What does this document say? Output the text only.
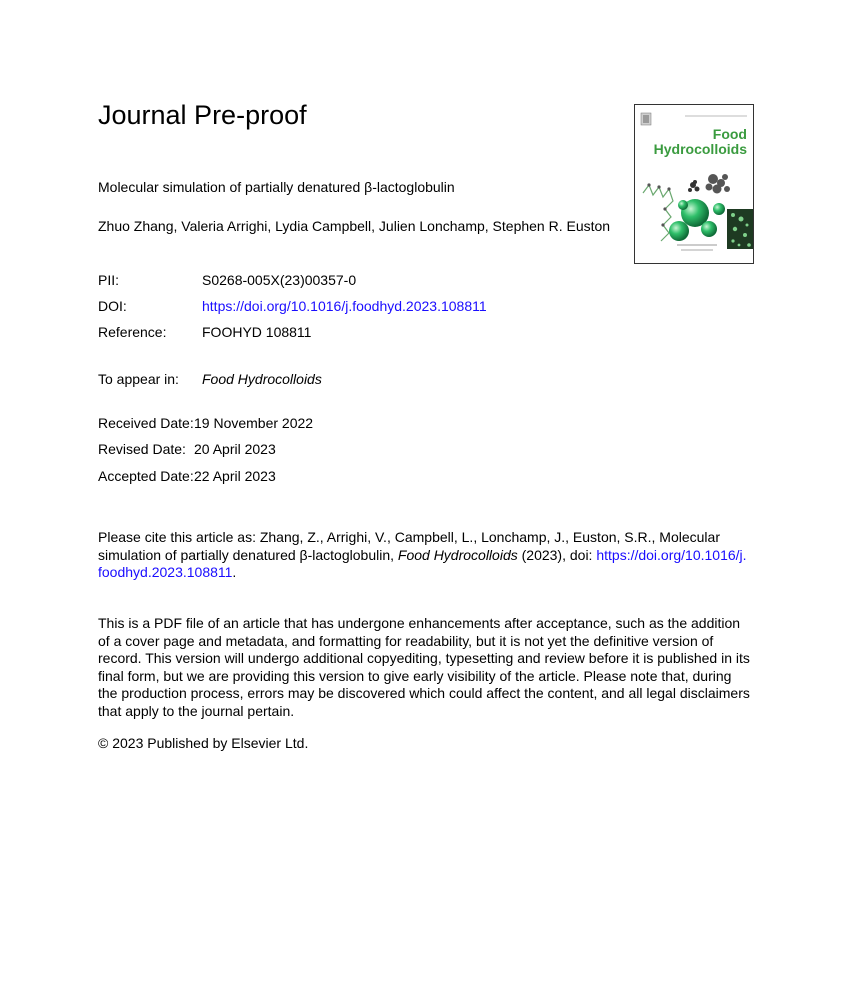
Journal Pre-proof
Food
Hydrocolloids
Molecular simulation of partially denatured β-lactoglobulin
Zhuo Zhang, Valeria Arrighi, Lydia Campbell, Julien Lonchamp, Stephen R. Euston
PII:	S0268-005X(23)00357-0
DOI:	https://doi.org/10.1016/j.foodhyd.2023.108811
Reference:	FOOHYD 108811
To appear in: Food Hydrocolloids
Received Date:19 November 2022
Revised Date: 20 April 2023
Accepted Date:22 April 2023
Please cite this article as: Zhang, Z., Arrighi, V., Campbell, L., Lonchamp, J., Euston, S.R., Molecular simulation of partially denatured β-lactoglobulin, Food Hydrocolloids (2023), doi: https://doi.org/10.1016/j.foodhyd.2023.108811.
This is a PDF file of an article that has undergone enhancements after acceptance, such as the addition of a cover page and metadata, and formatting for readability, but it is not yet the definitive version of record. This version will undergo additional copyediting, typesetting and review before it is published in its final form, but we are providing this version to give early visibility of the article. Please note that, during the production process, errors may be discovered which could affect the content, and all legal disclaimers that apply to the journal pertain.
© 2023 Published by Elsevier Ltd.
